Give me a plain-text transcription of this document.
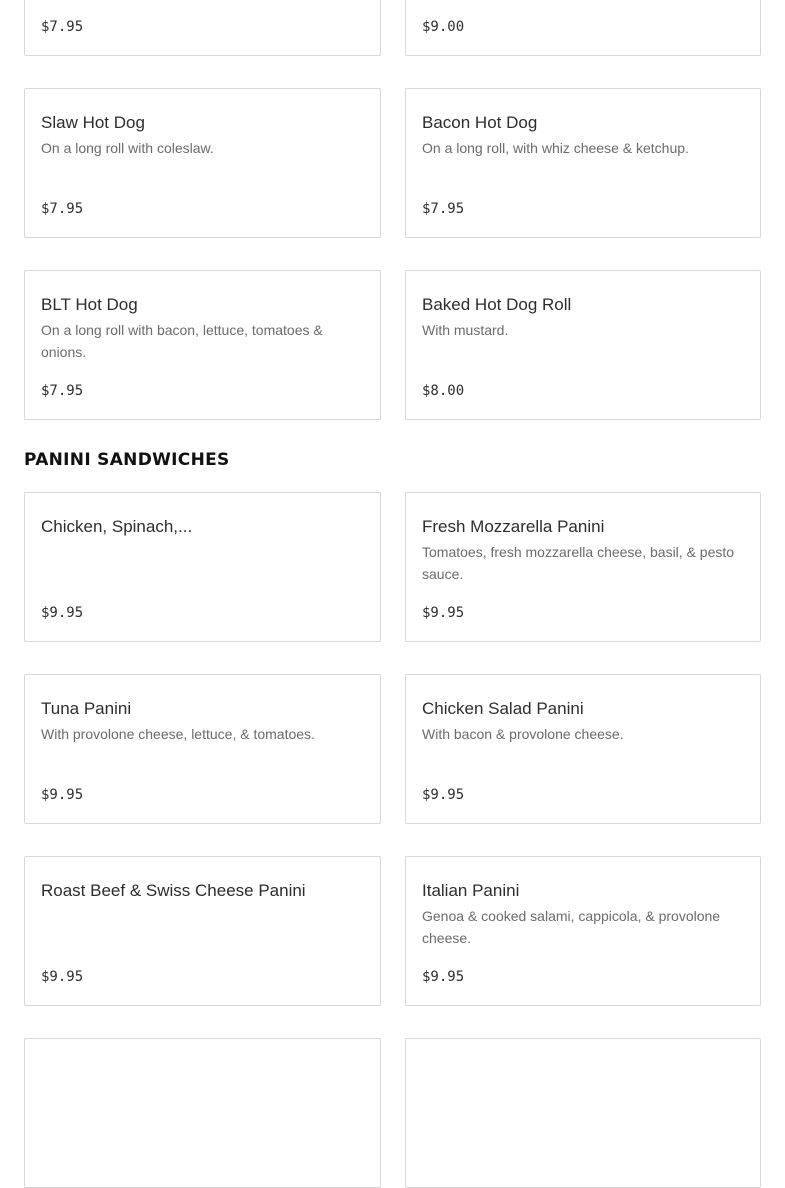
$7.95	$9.00
Slaw Hot Dog
On a long roll with coleslaw.
$7.95
Bacon Hot Dog
On a long roll, with whiz cheese & ketchup.
$7.95
BLT Hot Dog
On a long roll with bacon, lettuce, tomatoes & onions.
$7.95
Baked Hot Dog Roll
With mustard.
$8.00
PANINI SANDWICHES
Chicken, Spinach,...
$9.95
Fresh Mozzarella Panini
Tomatoes, fresh mozzarella cheese, basil, & pesto sauce.
$9.95
Tuna Panini
With provolone cheese, lettuce, & tomatoes.
$9.95
Chicken Salad Panini
With bacon & provolone cheese.
$9.95
Roast Beef & Swiss Cheese Panini
$9.95
Italian Panini
Genoa & cooked salami, cappicola, & provolone cheese.
$9.95
